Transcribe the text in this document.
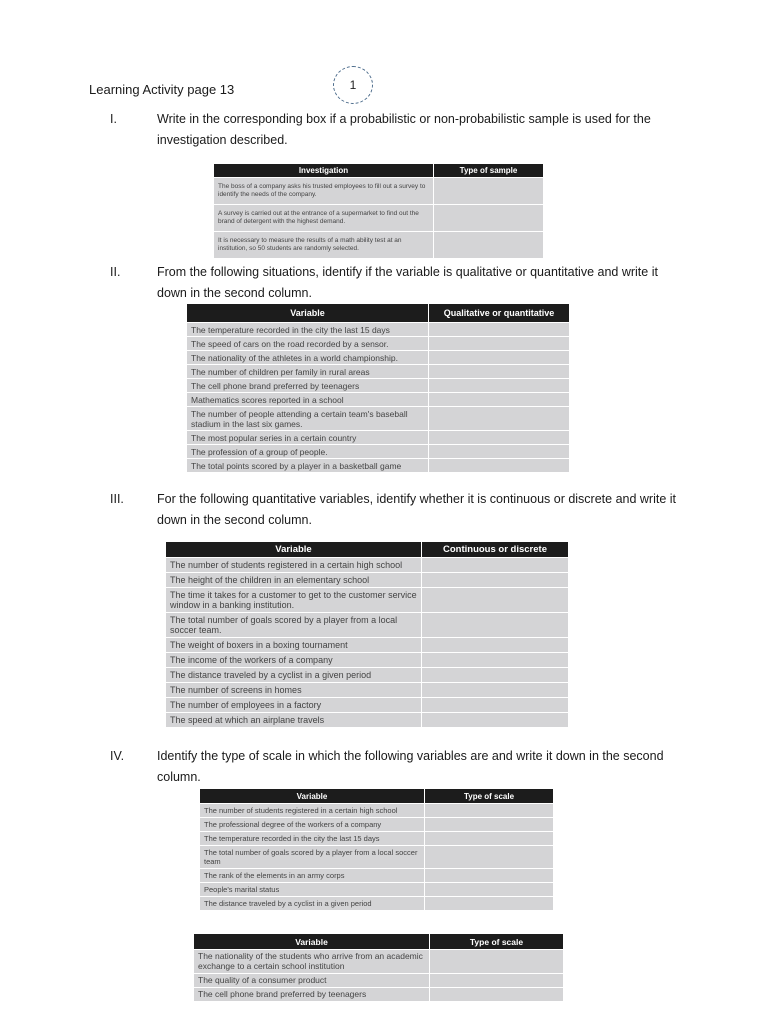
Learning Activity page 13	1
I.	Write in the corresponding box if a probabilistic or non-probabilistic sample is used for the investigation described.
Investigation	Type of sample
The boss of a company asks his trusted employees to fill out a survey to identify the needs of the company.	
A survey is carried out at the entrance of a supermarket to find out the brand of detergent with the highest demand.	
It is necessary to measure the results of a math ability test at an institution, so 50 students are randomly selected.	
II.	From the following situations, identify if the variable is qualitative or quantitative and write it down in the second column.
Variable	Qualitative or quantitative
The temperature recorded in the city the last 15 days	
The speed of cars on the road recorded by a sensor.	
The nationality of the athletes in a world championship.	
The number of children per family in rural areas	
The cell phone brand preferred by teenagers	
Mathematics scores reported in a school	
The number of people attending a certain team's baseball stadium in the last six games.	
The most popular series in a certain country	
The profession of a group of people.	
The total points scored by a player in a basketball game	
III.	For the following quantitative variables, identify whether it is continuous or discrete and write it down in the second column.
Variable	Continuous or discrete
The number of students registered in a certain high school	
The height of the children in an elementary school	
The time it takes for a customer to get to the customer service window in a banking institution.	
The total number of goals scored by a player from a local soccer team.	
The weight of boxers in a boxing tournament	
The income of the workers of a company	
The distance traveled by a cyclist in a given period	
The number of screens in homes	
The number of employees in a factory	
The speed at which an airplane travels	
IV.	Identify the type of scale in which the following variables are and write it down in the second column.
Variable	Type of scale
The number of students registered in a certain high school	
The professional degree of the workers of a company	
The temperature recorded in the city the last 15 days	
The total number of goals scored by a player from a local soccer team	
The rank of the elements in an army corps	
People's marital status	
The distance traveled by a cyclist in a given period	
Variable	Type of scale
The nationality of the students who arrive from an academic exchange to a certain school institution	
The quality of a consumer product	
The cell phone brand preferred by teenagers	
